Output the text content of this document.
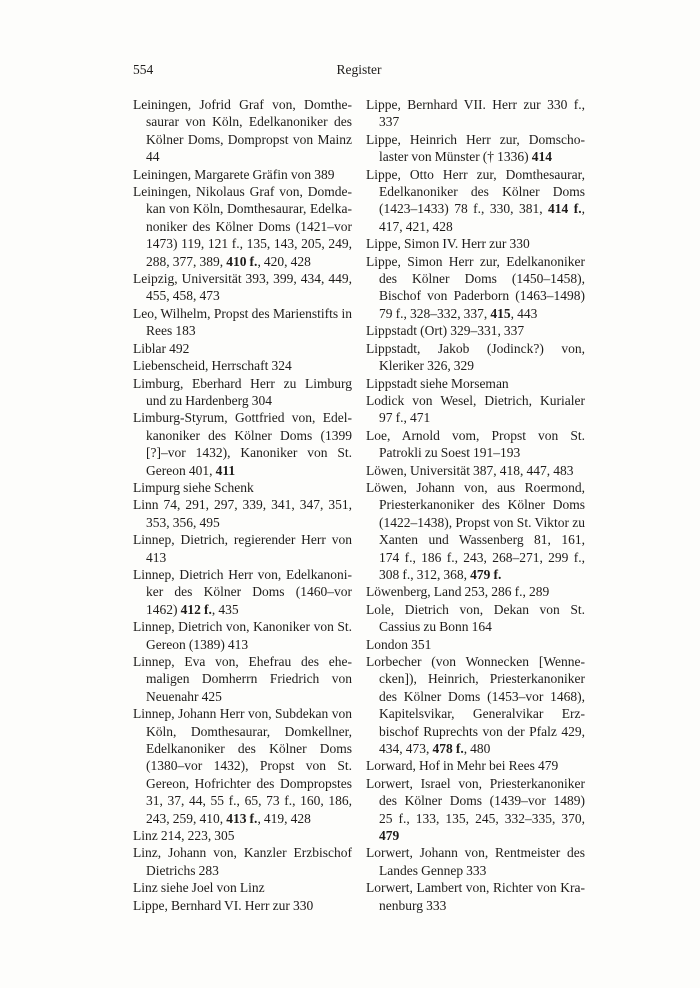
554	Register

Leiningen, Jofrid Graf von, Domthesaurar von Köln, Edelkanoniker des Kölner Doms, Dompropst von Mainz 44

Leiningen, Margarete Gräfin von 389

Leiningen, Nikolaus Graf von, Domdekan von Köln, Domthesaurar, Edelkanoniker des Kölner Doms (1421–vor 1473) 119, 121 f., 135, 143, 205, 249, 288, 377, 389, 410 f., 420, 428

Leipzig, Universität 393, 399, 434, 449, 455, 458, 473

Leo, Wilhelm, Propst des Marienstifts in Rees 183

Liblar 492

Liebenscheid, Herrschaft 324

Limburg, Eberhard Herr zu Limburg und zu Hardenberg 304

Limburg-Styrum, Gottfried von, Edelkanoniker des Kölner Doms (1399 [?]–vor 1432), Kanoniker von St. Gereon 401, 411

Limpurg siehe Schenk

Linn 74, 291, 297, 339, 341, 347, 351, 353, 356, 495

Linnep, Dietrich, regierender Herr von 413

Linnep, Dietrich Herr von, Edelkanoniker des Kölner Doms (1460–vor 1462) 412 f., 435

Linnep, Dietrich von, Kanoniker von St. Gereon (1389) 413

Linnep, Eva von, Ehefrau des ehemaligen Domherrn Friedrich von Neuenahr 425

Linnep, Johann Herr von, Subdekan von Köln, Domthesaurar, Domkellner, Edelkanoniker des Kölner Doms (1380–vor 1432), Propst von St. Gereon, Hofrichter des Dompropstes 31, 37, 44, 55 f., 65, 73 f., 160, 186, 243, 259, 410, 413 f., 419, 428

Linz 214, 223, 305

Linz, Johann von, Kanzler Erzbischof Dietrichs 283

Linz siehe Joel von Linz

Lippe, Bernhard VI. Herr zur 330

Lippe, Bernhard VII. Herr zur 330 f., 337

Lippe, Heinrich Herr zur, Domscholaster von Münster († 1336) 414

Lippe, Otto Herr zur, Domthesaurar, Edelkanoniker des Kölner Doms (1423–1433) 78 f., 330, 381, 414 f., 417, 421, 428

Lippe, Simon IV. Herr zur 330

Lippe, Simon Herr zur, Edelkanoniker des Kölner Doms (1450–1458), Bischof von Paderborn (1463–1498) 79 f., 328–332, 337, 415, 443

Lippstadt (Ort) 329–331, 337

Lippstadt, Jakob (Jodinck?) von, Kleriker 326, 329

Lippstadt siehe Morseman

Lodick von Wesel, Dietrich, Kurialer 97 f., 471

Loe, Arnold vom, Propst von St. Patrokli zu Soest 191–193

Löwen, Universität 387, 418, 447, 483

Löwen, Johann von, aus Roermond, Priesterkanoniker des Kölner Doms (1422–1438), Propst von St. Viktor zu Xanten und Wassenberg 81, 161, 174 f., 186 f., 243, 268–271, 299 f., 308 f., 312, 368, 479 f.

Löwenberg, Land 253, 286 f., 289

Lole, Dietrich von, Dekan von St. Cassius zu Bonn 164

London 351

Lorbecher (von Wonnecken [Wennecken]), Heinrich, Priesterkanoniker des Kölner Doms (1453–vor 1468), Kapitelsvikar, Generalvikar Erzbischof Ruprechts von der Pfalz 429, 434, 473, 478 f., 480

Lorward, Hof in Mehr bei Rees 479

Lorwert, Israel von, Priesterkanoniker des Kölner Doms (1439–vor 1489) 25 f., 133, 135, 245, 332–335, 370, 479

Lorwert, Johann von, Rentmeister des Landes Gennep 333

Lorwert, Lambert von, Richter von Kranenburg 333
